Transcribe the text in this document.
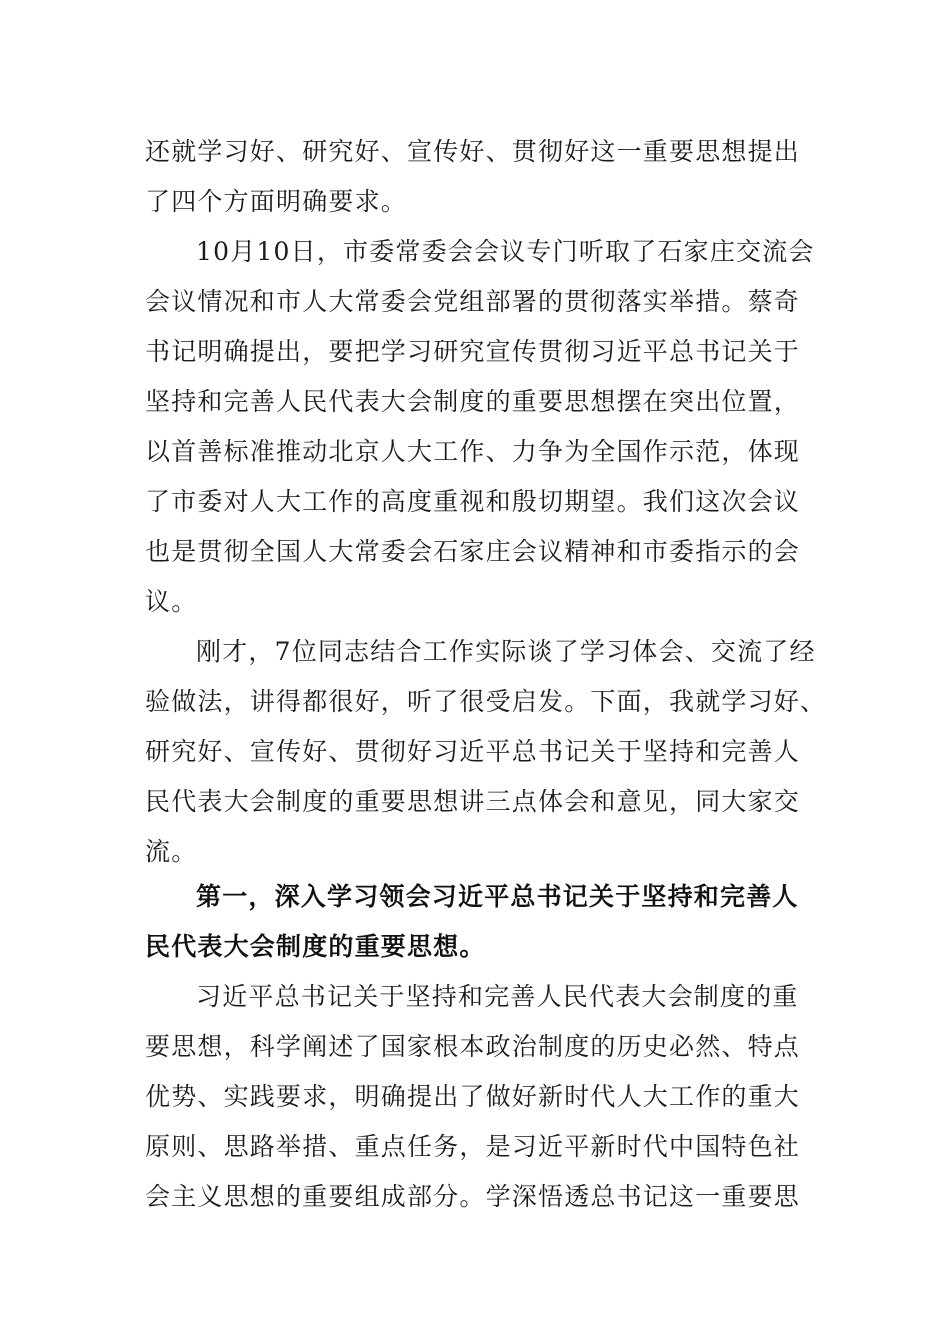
还就学习好、研究好、宣传好、贯彻好这一重要思想提出
了四个方面明确要求。
10月10日，市委常委会会议专门听取了石家庄交流会
会议情况和市人大常委会党组部署的贯彻落实举措。蔡奇
书记明确提出，要把学习研究宣传贯彻习近平总书记关于
坚持和完善人民代表大会制度的重要思想摆在突出位置，
以首善标准推动北京人大工作、力争为全国作示范，体现
了市委对人大工作的高度重视和殷切期望。我们这次会议
也是贯彻全国人大常委会石家庄会议精神和市委指示的会
议。
刚才，7位同志结合工作实际谈了学习体会、交流了经
验做法，讲得都很好，听了很受启发。下面，我就学习好、
研究好、宣传好、贯彻好习近平总书记关于坚持和完善人
民代表大会制度的重要思想讲三点体会和意见，同大家交
流。
第一，深入学习领会习近平总书记关于坚持和完善人
民代表大会制度的重要思想。
习近平总书记关于坚持和完善人民代表大会制度的重
要思想，科学阐述了国家根本政治制度的历史必然、特点
优势、实践要求，明确提出了做好新时代人大工作的重大
原则、思路举措、重点任务，是习近平新时代中国特色社
会主义思想的重要组成部分。学深悟透总书记这一重要思
